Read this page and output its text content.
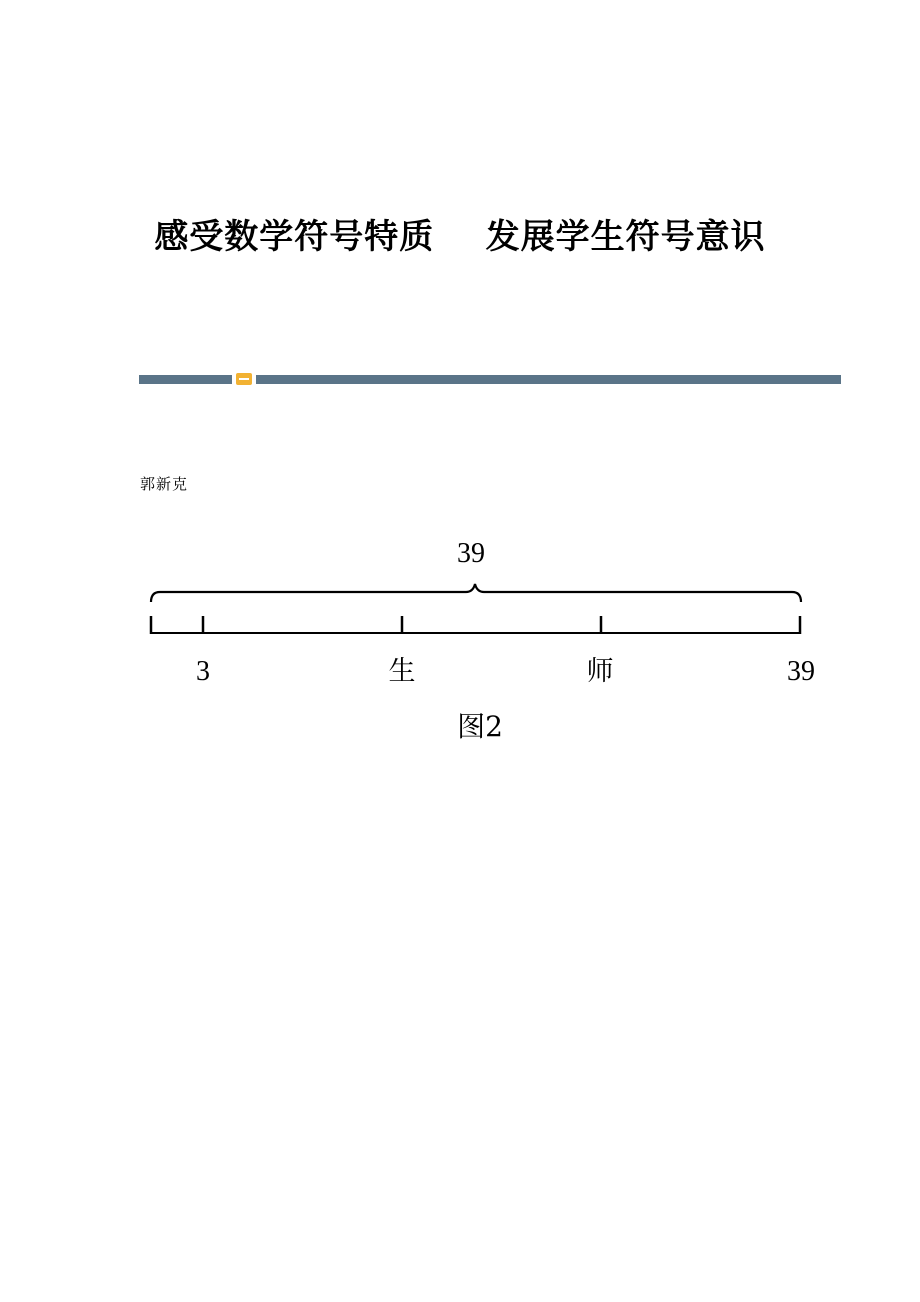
感受数学符号特质    发展学生符号意识
郭新克
39
3	生	师	39
图2
